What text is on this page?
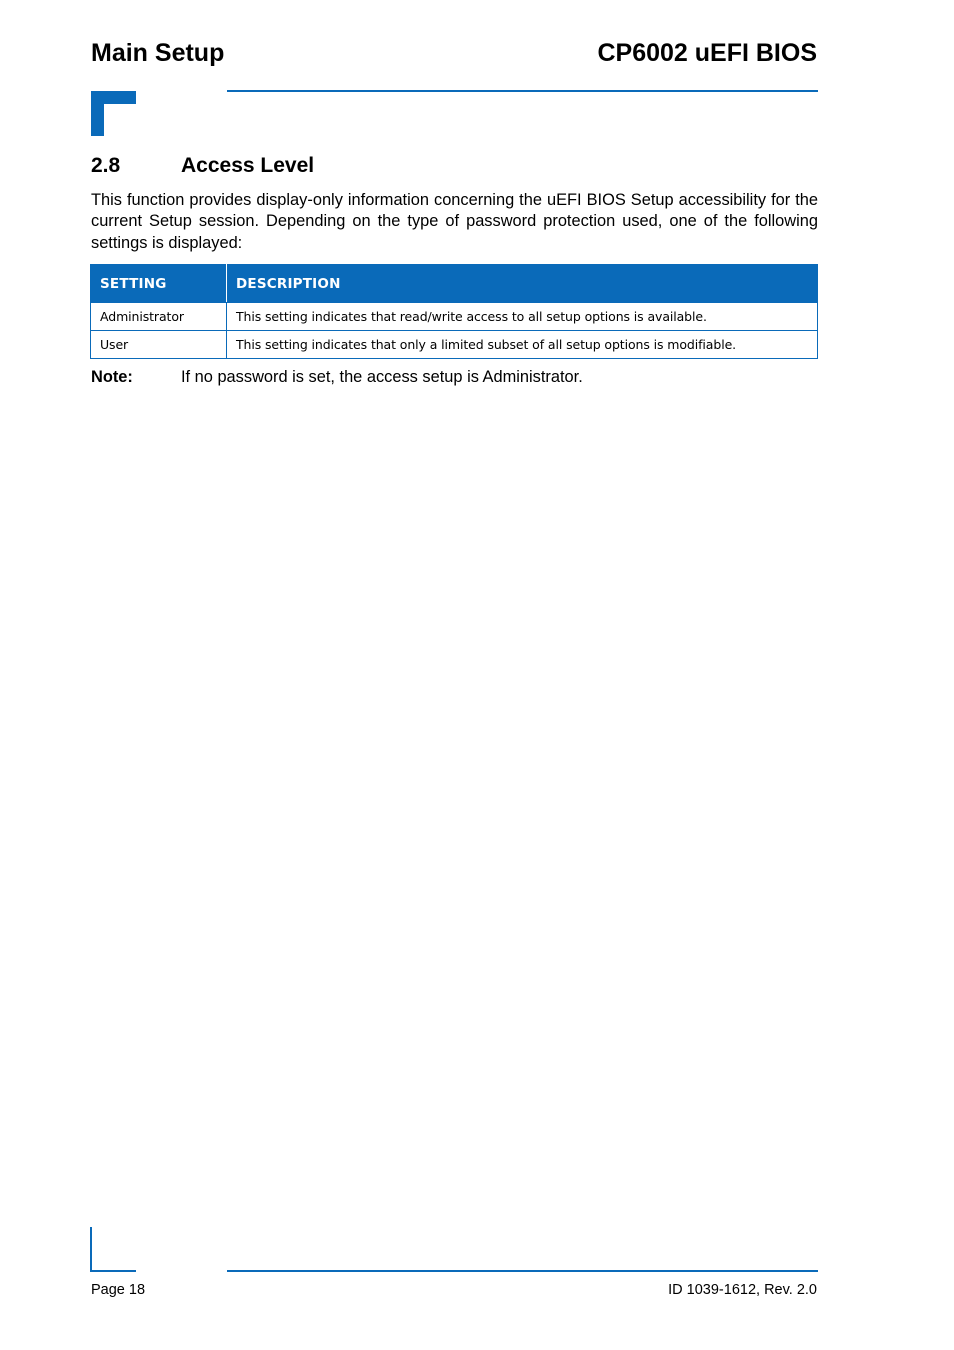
Main Setup	CP6002 uEFI BIOS
2.8	Access Level

This function provides display-only information concerning the uEFI BIOS Setup accessibility for the current Setup session. Depending on the type of password protection used, one of the following settings is displayed:

SETTING	DESCRIPTION
Administrator	This setting indicates that read/write access to all setup options is available.
User	This setting indicates that only a limited subset of all setup options is modifiable.
Note:	If no password is set, the access setup is Administrator.
Page 18	ID 1039-1612, Rev. 2.0
